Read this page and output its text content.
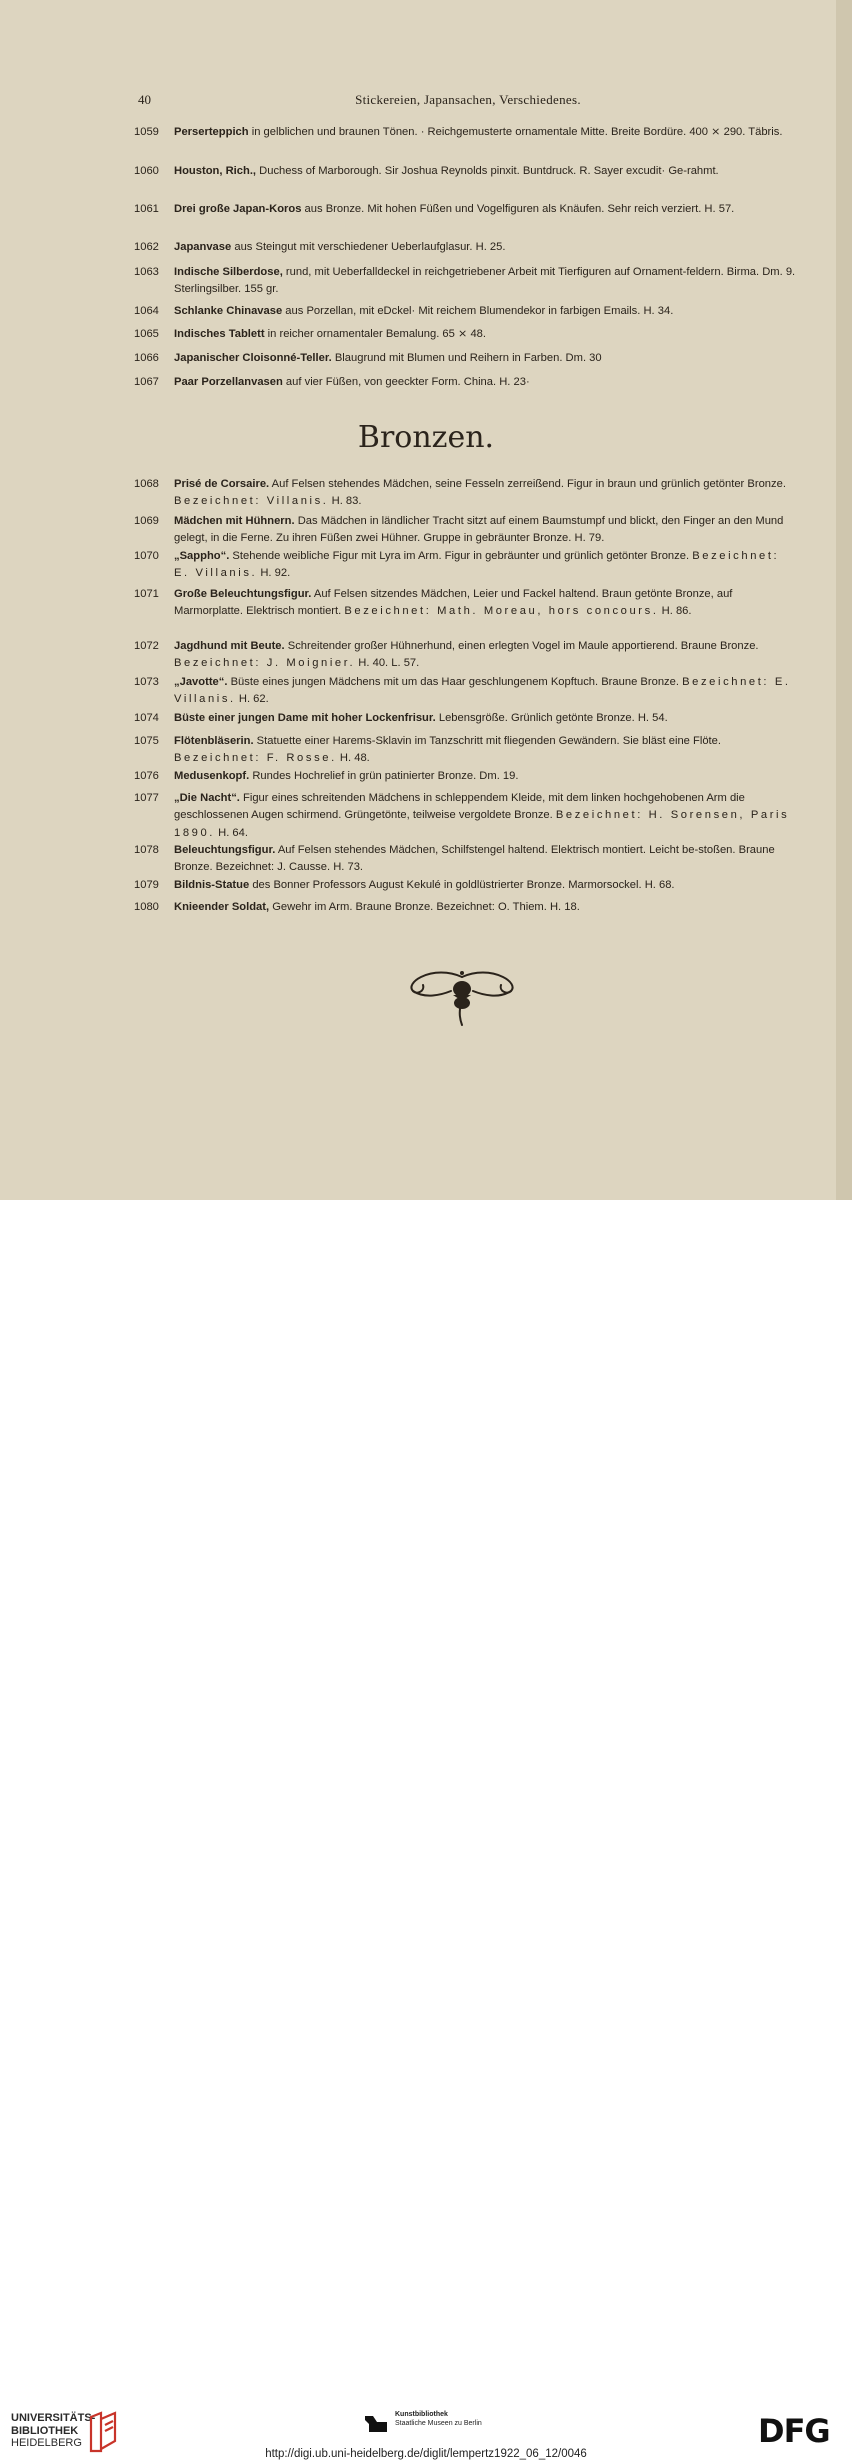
40	Stickereien, Japansachen, Verschiedenes.
1059	Perserteppich in gelblichen und braunen Tönen. · Reichgemusterte ornamentale Mitte. Breite Bordüre. 400 ⨯ 290. Täbris.
1060	Houston, Rich., Duchess of Marborough. Sir Joshua Reynolds pinxit. Buntdruck. R. Sayer excudit· Ge-rahmt.
1061	Drei große Japan-Koros aus Bronze. Mit hohen Füßen und Vogelfiguren als Knäufen. Sehr reich verziert. H. 57.
1062	Japanvase aus Steingut mit verschiedener Ueberlaufglasur. H. 25.
1063	Indische Silberdose, rund, mit Ueberfalldeckel in reichgetriebener Arbeit mit Tierfiguren auf Ornament-feldern. Birma. Dm. 9. Sterlingsilber. 155 gr.
1064	Schlanke Chinavase aus Porzellan, mit eDckel· Mit reichem Blumendekor in farbigen Emails. H. 34.
1065	Indisches Tablett in reicher ornamentaler Bemalung. 65 ⨯ 48.
1066	Japanischer Cloisonné-Teller. Blaugrund mit Blumen und Reihern in Farben. Dm. 30
1067	Paar Porzellanvasen auf vier Füßen, von geeckter Form. China. H. 23·
Bronzen.
1068	Prisé de Corsaire. Auf Felsen stehendes Mädchen, seine Fesseln zerreißend. Figur in braun und grünlich getönter Bronze. Bezeichnet: Villanis. H. 83.
1069	Mädchen mit Hühnern. Das Mädchen in ländlicher Tracht sitzt auf einem Baumstumpf und blickt, den Finger an den Mund gelegt, in die Ferne. Zu ihren Füßen zwei Hühner. Gruppe in gebräunter Bronze. H. 79.
1070	„Sappho“. Stehende weibliche Figur mit Lyra im Arm. Figur in gebräunter und grünlich getönter Bronze. Bezeichnet: E. Villanis. H. 92.
1071	Große Beleuchtungsfigur. Auf Felsen sitzendes Mädchen, Leier und Fackel haltend. Braun getönte Bronze, auf Marmorplatte. Elektrisch montiert. Bezeichnet: Math. Moreau, hors concours. H. 86.
1072	Jagdhund mit Beute. Schreitender großer Hühnerhund, einen erlegten Vogel im Maule apportierend. Braune Bronze. Bezeichnet: J. Moignier. H. 40. L. 57.
1073	„Javotte“. Büste eines jungen Mädchens mit um das Haar geschlungenem Kopftuch. Braune Bronze. Bezeichnet: E. Villanis. H. 62.
1074	Büste einer jungen Dame mit hoher Lockenfrisur. Lebensgröße. Grünlich getönte Bronze. H. 54.
1075	Flötenbläserin. Statuette einer Harems-Sklavin im Tanzschritt mit fliegenden Gewändern. Sie bläst eine Flöte. Bezeichnet: F. Rosse. H. 48.
1076	Medusenkopf. Rundes Hochrelief in grün patinierter Bronze. Dm. 19.
1077	„Die Nacht“. Figur eines schreitenden Mädchens in schleppendem Kleide, mit dem linken hochgehobenen Arm die geschlossenen Augen schirmend. Grüngetönte, teilweise vergoldete Bronze. Bezeichnet: H. Sorensen, Paris 1890. H. 64.
1078	Beleuchtungsfigur. Auf Felsen stehendes Mädchen, Schilfstengel haltend. Elektrisch montiert. Leicht be-stoßen. Braune Bronze. Bezeichnet: J. Causse. H. 73.
1079	Bildnis-Statue des Bonner Professors August Kekulé in goldlüstrierter Bronze. Marmorsockel. H. 68.
1080	Knieender Soldat, Gewehr im Arm. Braune Bronze. Bezeichnet: O. Thiem. H. 18.
UNIVERSITÄTS-
BIBLIOTHEK
HEIDELBERG
Kunstbibliothek
Staatliche Museen zu Berlin	DFG
http://digi.ub.uni-heidelberg.de/diglit/lempertz1922_06_12/0046
